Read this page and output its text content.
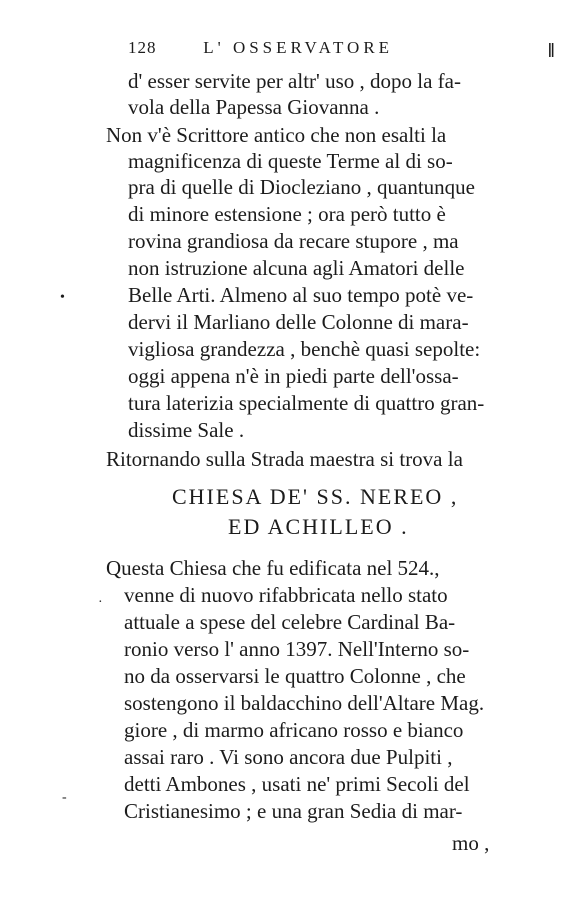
128	L' OSSERVATORE	‖
d' esser servite per altr' uso , dopo la fa-
vola della Papessa Giovanna .
Non v'è Scrittore antico che non esalti la
magnificenza di queste Terme al di so-
pra di quelle di Diocleziano , quantunque
di minore estensione ; ora però tutto è
rovina grandiosa da recare stupore , ma
non istruzione alcuna agli Amatori delle
Belle Arti. Almeno al suo tempo potè ve-
dervi il Marliano delle Colonne di mara-
vigliosa grandezza , benchè quasi sepolte:
oggi appena n'è in piedi parte dell'ossa-
tura laterizia specialmente di quattro gran-
dissime Sale .
Ritornando sulla Strada maestra si trova la
CHIESA DE' SS. NEREO ,
ED ACHILLEO .
Questa Chiesa che fu edificata nel 524.,
venne di nuovo rifabbricata nello stato
attuale a spese del celebre Cardinal Ba-
ronio verso l' anno 1397. Nell'Interno so-
no da osservarsi le quattro Colonne , che
sostengono il baldacchino dell'Altare Mag.
giore , di marmo africano rosso e bianco
assai raro . Vi sono ancora due Pulpiti ,
detti Ambones , usati ne' primi Secoli del
Cristianesimo ; e una gran Sedia di mar-
mo ,
•
·
-
